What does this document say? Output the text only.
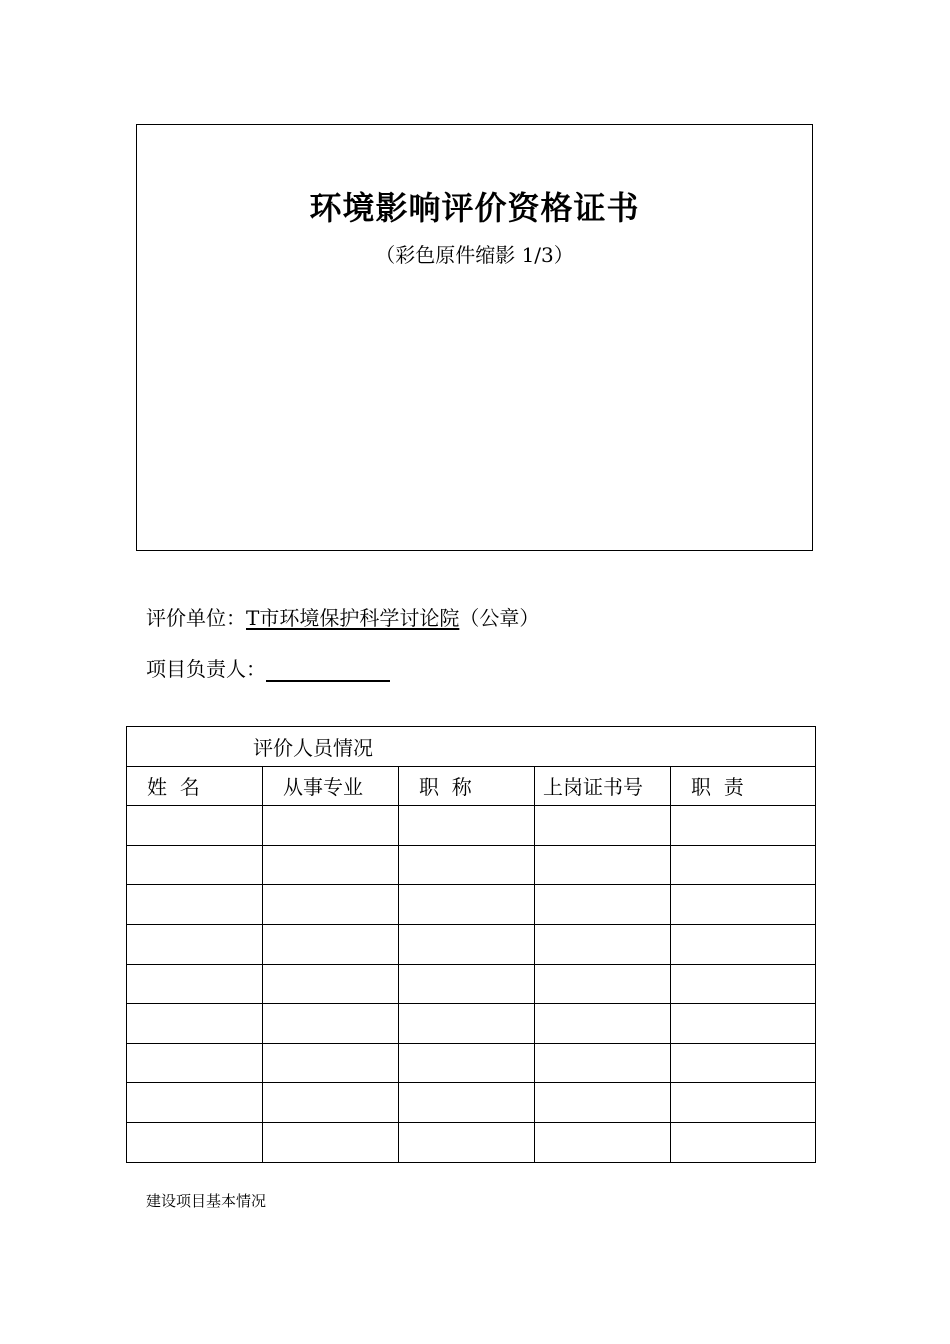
环境影响评价资格证书
（彩色原件缩影 1/3）
评价单位：T市环境保护科学讨论院（公章）
项目负责人：
评价人员情况				
姓  名	从事专业	职  称	上岗证书号	职  责

建设项目基本情况
